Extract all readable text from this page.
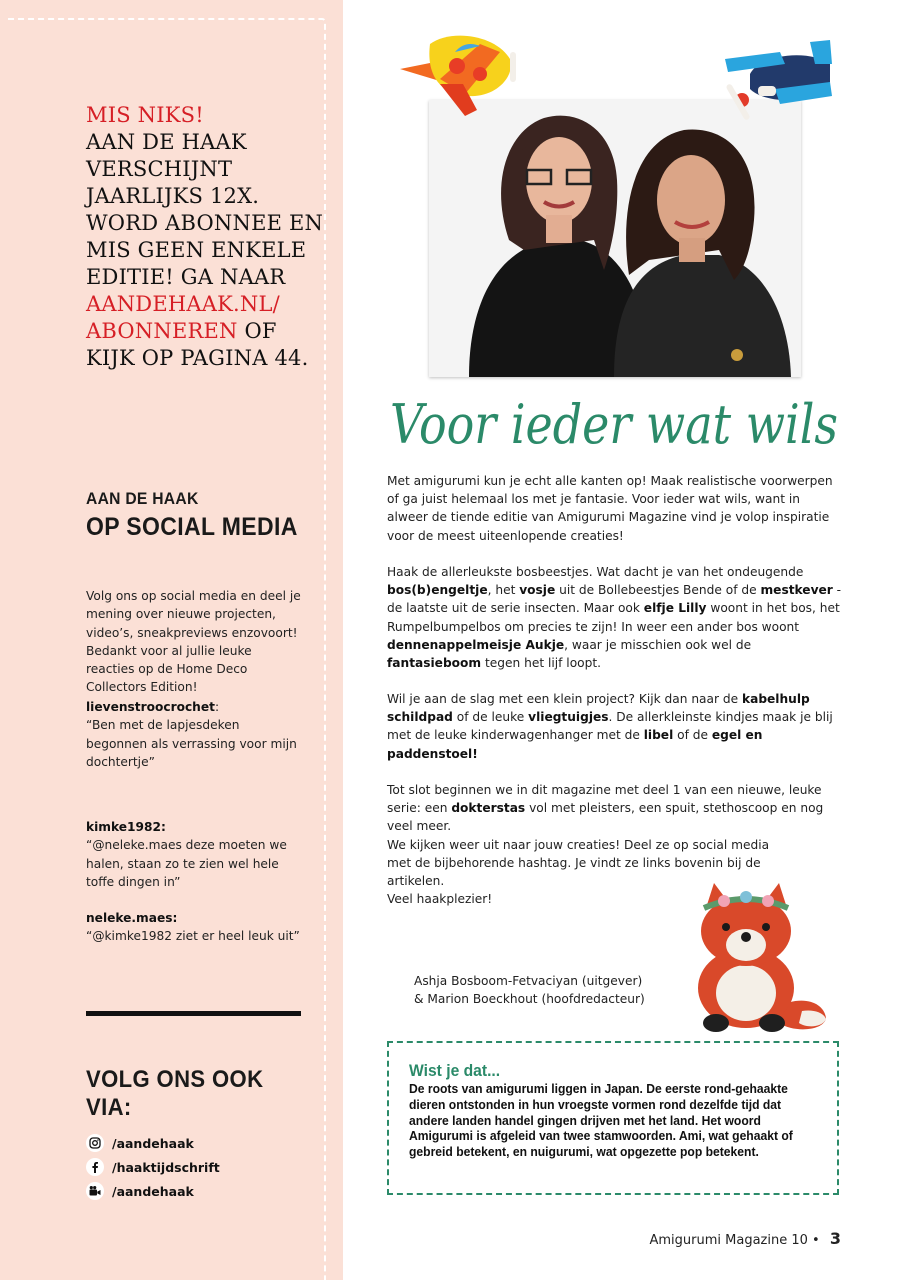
MIS NIKS!
AAN DE HAAK VERSCHIJNT JAARLIJKS 12X. WORD ABONNEE EN MIS GEEN ENKELE EDITIE! GA NAAR AANDEHAAK.NL/ ABONNEREN OF KIJK OP PAGINA 44.
AAN DE HAAK
OP SOCIAL MEDIA
Volg ons op social media en deel je mening over nieuwe projecten, video’s, sneakpreviews enzovoort! Bedankt voor al jullie leuke reacties op de Home Deco Collectors Edition!
lievenstroocrochet:
“Ben met de lapjesdeken begonnen als verrassing voor mijn dochtertje”
kimke1982:
“@neleke.maes deze moeten we halen, staan zo te zien wel hele toffe dingen in”
neleke.maes:
“@kimke1982 ziet er heel leuk uit”
VOLG ONS OOK VIA:
/aandehaak
/haaktijdschrift
/aandehaak
Voor ieder wat wils
Met amigurumi kun je echt alle kanten op! Maak realistische voorwerpen of ga juist helemaal los met je fantasie. Voor ieder wat wils, want in alweer de tiende editie van Amigurumi Magazine vind je volop inspiratie voor de meest uiteenlopende creaties!
Haak de allerleukste bosbeestjes. Wat dacht je van het ondeugende bos(b)engeltje, het vosje uit de Bollebeestjes Bende of de mestkever - de laatste uit de serie insecten. Maar ook elfje Lilly woont in het bos, het Rumpelbumpelbos om precies te zijn! In weer een ander bos woont dennenappelmeisje Aukje, waar je misschien ook wel de fantasieboom tegen het lijf loopt.
Wil je aan de slag met een klein project? Kijk dan naar de kabelhulp schildpad of de leuke vliegtuigjes. De allerkleinste kindjes maak je blij met de leuke kinderwagenhanger met de libel of de egel en paddenstoel!
Tot slot beginnen we in dit magazine met deel 1 van een nieuwe, leuke serie: een dokterstas vol met pleisters, een spuit, stethoscoop en nog veel meer.
We kijken weer uit naar jouw creaties! Deel ze op social media met de bijbehorende hashtag. Je vindt ze links bovenin bij de artikelen.
Veel haakplezier!
Ashja Bosboom-Fetvaciyan (uitgever)
& Marion Boeckhout (hoofdredacteur)
Wist je dat...
De roots van amigurumi liggen in Japan. De eerste rond-gehaakte dieren ontstonden in hun vroegste vormen rond dezelfde tijd dat andere landen handel gingen drijven met het land. Het woord Amigurumi is afgeleid van twee stamwoorden. Ami, wat gehaakt of gebreid betekent, en nuigurumi, wat opgezette pop betekent.
Amigurumi Magazine 10 • 3
